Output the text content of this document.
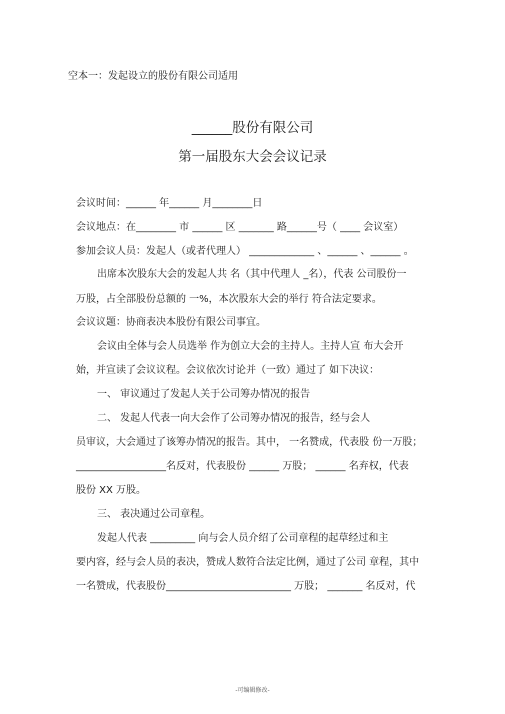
空本一：发起设立的股份有限公司适用
______股份有限公司
第一届股东大会会议记录
会议时间：______ 年______ 月________日
会议地点：在________ 市 ______ 区 _______ 路______号（ ____ 会议室）
参加会议人员：发起人（或者代理人） _____________ 、______ 、______ 。
出席本次股东大会的发起人共 名（其中代理人 _名），代表 公司股份一
万股，占全部股份总额的 一%，本次股东大会的举行 符合法定要求。
会议议题：协商表决本股份有限公司事宜。
会议由全体与会人员选举 作为创立大会的主持人。主持人宣 布大会开
始，并宣读了会议议程。会议依次讨论并（一致）通过了 如下决议：
一、 审议通过了发起人关于公司筹办情况的报告
二、 发起人代表一向大会作了公司筹办情况的报告，经与会人
员审议，大会通过了该筹办情况的报告。其中， 一名赞成，代表股 份一万股；
__________________名反对，代表股份 ______ 万股； ______ 名弃权，代表
股份 XX 万股。
三、 表决通过公司章程。
发起人代表 _________ 向与会人员介绍了公司章程的起草经过和主
要内容，经与会人员的表决，赞成人数符合法定比例，通过了公司 章程，其中
一名赞成，代表股份_________________________ 万股； _______ 名反对，代
-可编辑修改-
